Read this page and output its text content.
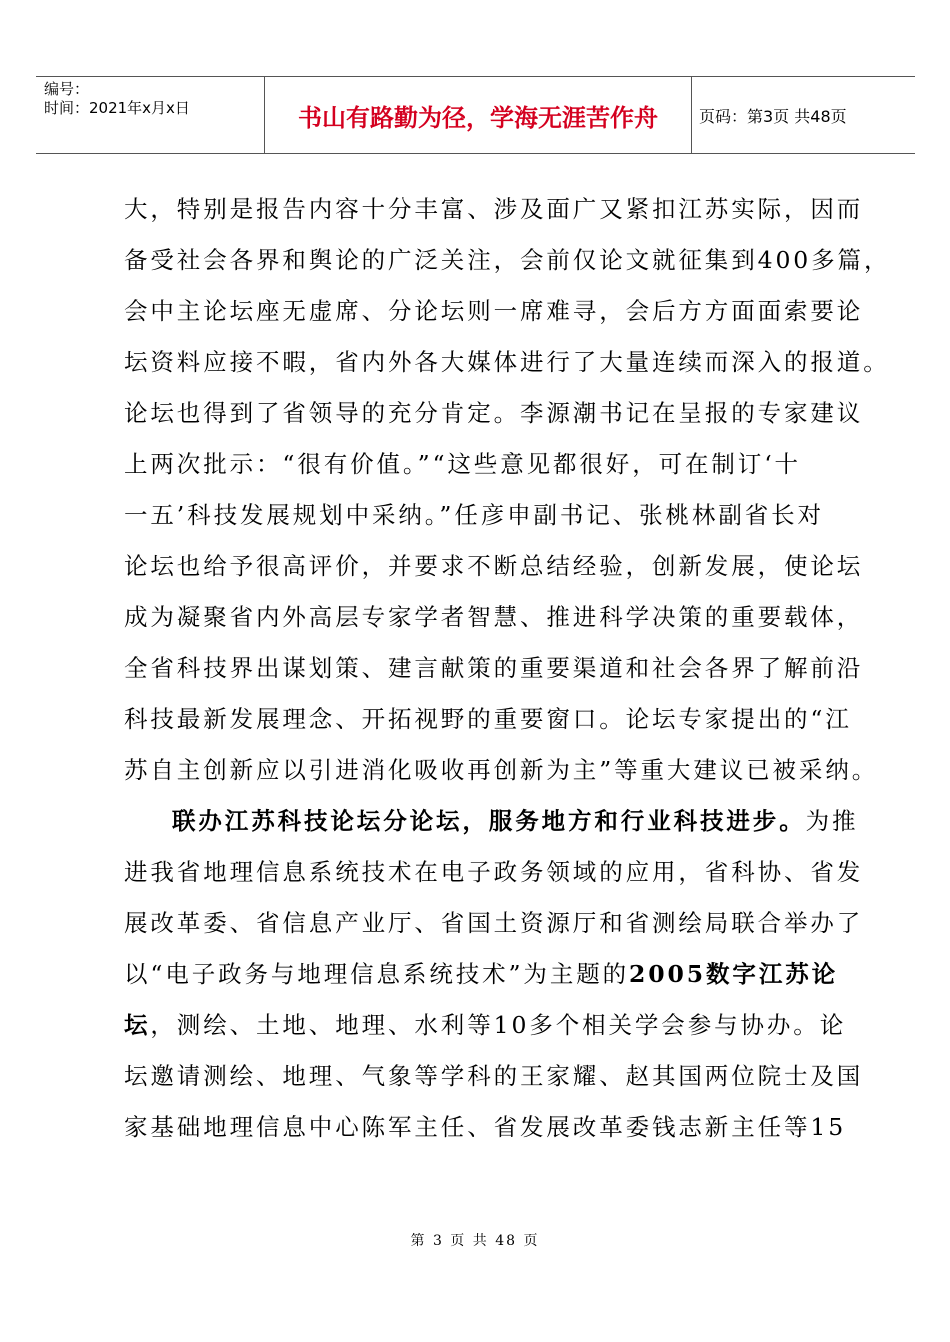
编号：
时间：2021年x月x日	书山有路勤为径，学海无涯苦作舟	页码：第3页 共48页
大，特别是报告内容十分丰富、涉及面广又紧扣江苏实际，因而
备受社会各界和舆论的广泛关注，会前仅论文就征集到400多篇，
会中主论坛座无虚席、分论坛则一席难寻，会后方方面面索要论
坛资料应接不暇，省内外各大媒体进行了大量连续而深入的报道。
论坛也得到了省领导的充分肯定。李源潮书记在呈报的专家建议
上两次批示：“很有价值。”“这些意见都很好，可在制订‘十
一五’科技发展规划中采纳。”任彦申副书记、张桃林副省长对
论坛也给予很高评价，并要求不断总结经验，创新发展，使论坛
成为凝聚省内外高层专家学者智慧、推进科学决策的重要载体，
全省科技界出谋划策、建言献策的重要渠道和社会各界了解前沿
科技最新发展理念、开拓视野的重要窗口。论坛专家提出的“江
苏自主创新应以引进消化吸收再创新为主”等重大建议已被采纳。
联办江苏科技论坛分论坛，服务地方和行业科技进步。为推
进我省地理信息系统技术在电子政务领域的应用，省科协、省发
展改革委、省信息产业厅、省国土资源厅和省测绘局联合举办了
以“电子政务与地理信息系统技术”为主题的2005数字江苏论
坛，测绘、土地、地理、水利等10多个相关学会参与协办。论
坛邀请测绘、地理、气象等学科的王家耀、赵其国两位院士及国
家基础地理信息中心陈军主任、省发展改革委钱志新主任等15
第 3 页 共 48 页
